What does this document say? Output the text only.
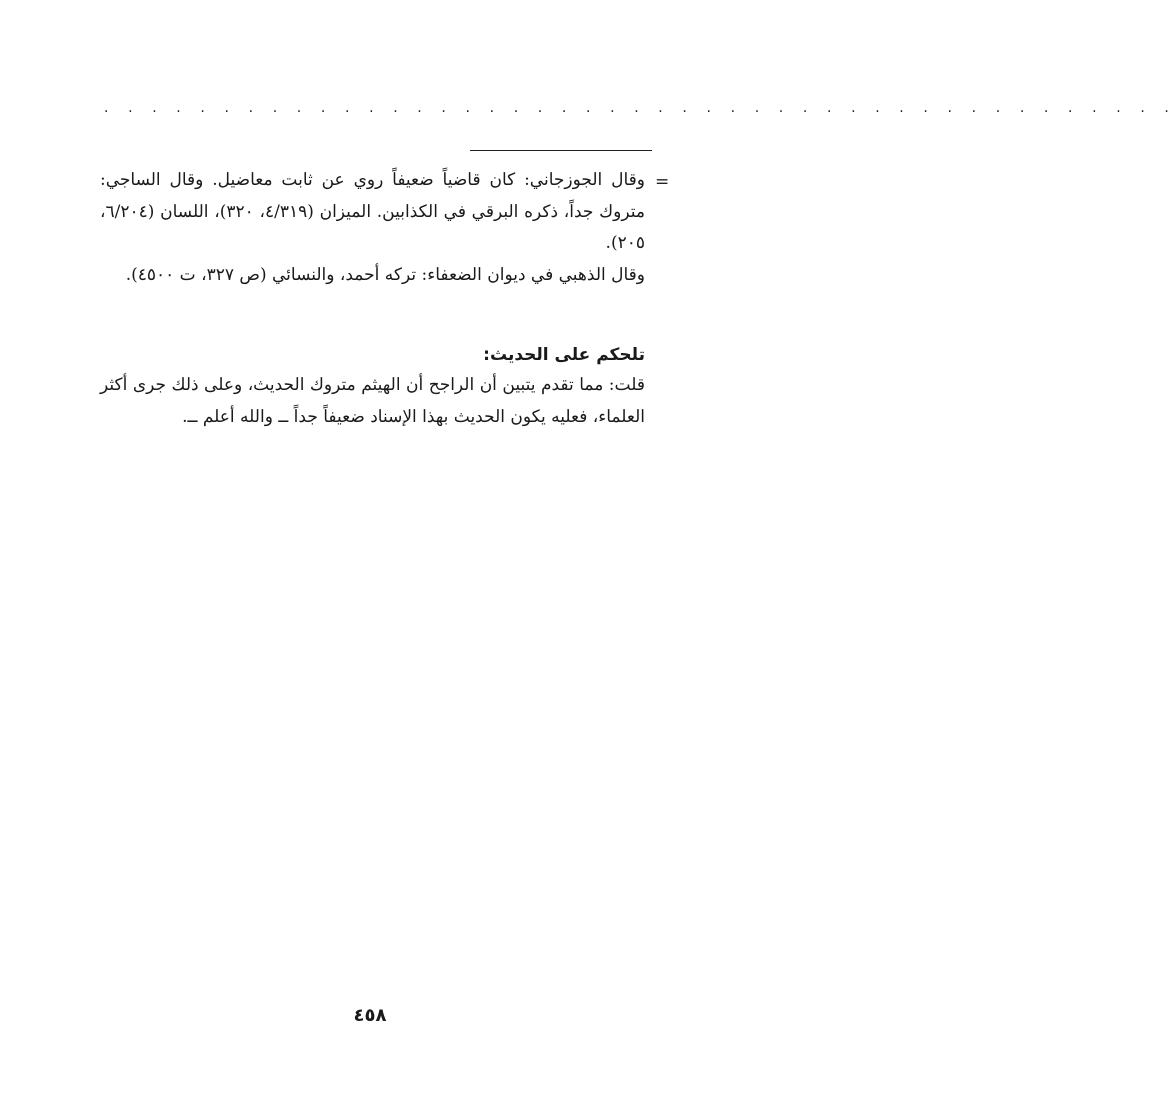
. . . . . . . . . . . . . . . . . . . . . . . . . . . . . . . . . . . . . . . . . . . . .
=

وقال الجوزجاني: كان قاضياً ضعيفاً روي عن ثابت معاضيل. وقال الساجي: متروك جداً، ذكره البرقي في الكذابين. الميزان (٤/٣١٩، ٣٢٠)، اللسان (٦/٢٠٤، ٢٠٥).

وقال الذهبي في ديوان الضعفاء: تركه أحمد، والنسائي (ص ٣٢٧، ت ٤٥٠٠).

تلحكم على الحديث:

قلت: مما تقدم يتبين أن الراجح أن الهيثم متروك الحديث، وعلى ذلك جرى أكثر العلماء، فعليه يكون الحديث بهذا الإسناد ضعيفاً جداً ــ والله أعلم ــ.

٤٥٨
